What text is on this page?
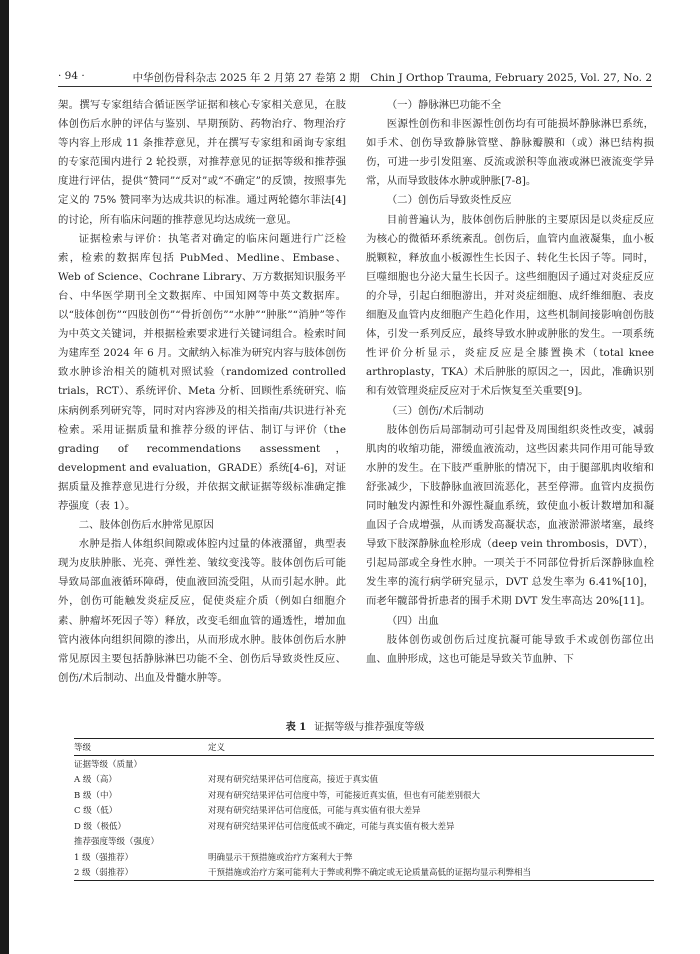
· 94 ·	中华创伤骨科杂志 2025 年 2 月第 27 卷第 2 期　Chin J Orthop Trauma, February 2025, Vol. 27, No. 2

架。撰写专家组结合循证医学证据和核心专家相关意见，在肢体创伤后水肿的评估与鉴别、早期预防、药物治疗、物理治疗等内容上形成 11 条推荐意见，并在撰写专家组和函询专家组的专家范围内进行 2 轮投票，对推荐意见的证据等级和推荐强度进行评估，提供“赞同”“反对”或“不确定”的反馈，按照事先定义的 75% 赞同率为达成共识的标准。通过两轮德尔菲法[4]的讨论，所有临床问题的推荐意见均达成统一意见。

证据检索与评价：执笔者对确定的临床问题进行广泛检索，检索的数据库包括 PubMed、Medline、Embase、Web of Science、Cochrane Library、万方数据知识服务平台、中华医学期刊全文数据库、中国知网等中英文数据库。以“肢体创伤”“四肢创伤”“骨折创伤”“水肿”“肿胀”“消肿”等作为中英文关键词，并根据检索要求进行关键词组合。检索时间为建库至 2024 年 6 月。文献纳入标准为研究内容与肢体创伤致水肿诊治相关的随机对照试验（randomized controlled trials，RCT）、系统评价、Meta 分析、回顾性系统研究、临床病例系列研究等，同时对内容涉及的相关指南/共识进行补充检索。采用证据质量和推荐分级的评估、制订与评价（the grading of recommendations assessment，development and evaluation，GRADE）系统[4-6]，对证据质量及推荐意见进行分级，并依据文献证据等级标准确定推荐强度（表 1）。

二、肢体创伤后水肿常见原因

水肿是指人体组织间隙或体腔内过量的体液潴留，典型表现为皮肤肿胀、光亮、弹性差、皱纹变浅等。肢体创伤后可能导致局部血液循环障碍，使血液回流受阻，从而引起水肿。此外，创伤可能触发炎症反应，促使炎症介质（例如白细胞介素、肿瘤坏死因子等）释放，改变毛细血管的通透性，增加血管内液体向组织间隙的渗出，从而形成水肿。肢体创伤后水肿常见原因主要包括静脉淋巴功能不全、创伤后导致炎性反应、创伤/术后制动、出血及骨髓水肿等。

（一）静脉淋巴功能不全

医源性创伤和非医源性创伤均有可能损坏静脉淋巴系统，如手术、创伤导致静脉管壁、静脉瓣膜和（或）淋巴结构损伤，可进一步引发阻塞、反流或淤积等血液或淋巴液流变学异常，从而导致肢体水肿或肿胀[7-8]。

（二）创伤后导致炎性反应

目前普遍认为，肢体创伤后肿胀的主要原因是以炎症反应为核心的微循环系统紊乱。创伤后，血管内血液凝集，血小板脱颗粒，释放血小板源性生长因子、转化生长因子等。同时，巨噬细胞也分泌大量生长因子。这些细胞因子通过对炎症反应的介导，引起白细胞游出，并对炎症细胞、成纤维细胞、表皮细胞及血管内皮细胞产生趋化作用，这些机制间接影响创伤肢体，引发一系列反应，最终导致水肿或肿胀的发生。一项系统性评价分析显示，炎症反应是全膝置换术（total knee arthroplasty，TKA）术后肿胀的原因之一，因此，准确识别和有效管理炎症反应对于术后恢复至关重要[9]。

（三）创伤/术后制动

肢体创伤后局部制动可引起骨及周围组织炎性改变，减弱肌肉的收缩功能，滞缓血液流动，这些因素共同作用可能导致水肿的发生。在下肢严重肿胀的情况下，由于腿部肌肉收缩和舒张减少，下肢静脉血液回流恶化，甚至停滞。血管内皮损伤同时触发内源性和外源性凝血系统，致使血小板计数增加和凝血因子合成增强，从而诱发高凝状态，血液淤滞淤堵塞，最终导致下肢深静脉血栓形成（deep vein thrombosis，DVT），引起局部或全身性水肿。一项关于不同部位骨折后深静脉血栓发生率的流行病学研究显示，DVT 总发生率为 6.41%[10]，而老年髋部骨折患者的围手术期 DVT 发生率高达 20%[11]。

（四）出血

肢体创伤或创伤后过度抗凝可能导致手术或创伤部位出血、血肿形成，这也可能是导致关节血肿、下

表 1 证据等级与推荐强度等级
等级	定义
证据等级（质量）	
A 级（高）	对现有研究结果评估可信度高，接近于真实值
B 级（中）	对现有研究结果评估可信度中等，可能接近真实值，但也有可能差别很大
C 级（低）	对现有研究结果评估可信度低，可能与真实值有很大差异
D 级（极低）	对现有研究结果评估可信度低或不确定，可能与真实值有极大差异
推荐强度等级（强度）	
1 级（强推荐）	明确显示干预措施或治疗方案利大于弊
2 级（弱推荐）	干预措施或治疗方案可能利大于弊或利弊不确定或无论质量高低的证据均显示利弊相当
